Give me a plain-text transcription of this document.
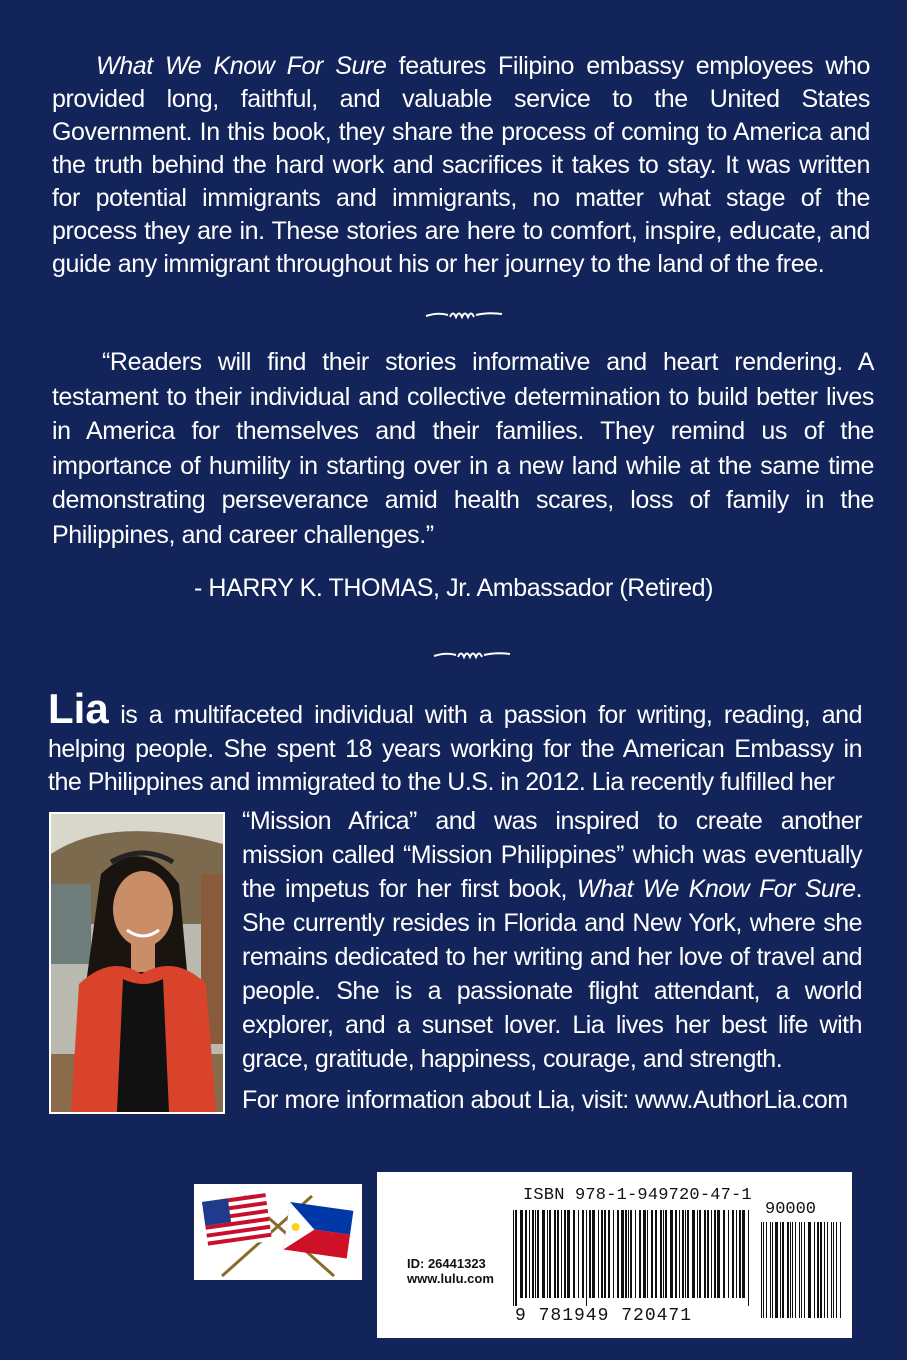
What We Know For Sure features Filipino embassy employees who provided long, faithful, and valuable service to the United States Government. In this book, they share the process of coming to America and the truth behind the hard work and sacrifices it takes to stay. It was written for potential immigrants and immigrants, no matter what stage of the process they are in. These stories are here to comfort, inspire, educate, and guide any immigrant throughout his or her journey to the land of the free.
“Readers will find their stories informative and heart rendering. A testament to their individual and collective determination to build better lives in America for themselves and their families. They remind us of the importance of humility in starting over in a new land while at the same time demonstrating perseverance amid health scares, loss of family in the Philippines, and career challenges.”
- HARRY K. THOMAS, Jr. Ambassador (Retired)
Lia is a multifaceted individual with a passion for writing, reading, and helping people. She spent 18 years working for the American Embassy in the Philippines and immigrated to the U.S. in 2012. Lia recently fulfilled her
“Mission Africa” and was inspired to create another mission called “Mission Philippines” which was eventually the impetus for her first book, What We Know For Sure. She currently resides in Florida and New York, where she remains dedicated to her writing and her love of travel and people. She is a passionate flight attendant, a world explorer, and a sunset lover. Lia lives her best life with grace, gratitude, happiness, courage, and strength.
For more information about Lia, visit: www.AuthorLia.com
ISBN 978-1-949720-47-1
90000
ID: 26441323
www.lulu.com
9 781949 720471
